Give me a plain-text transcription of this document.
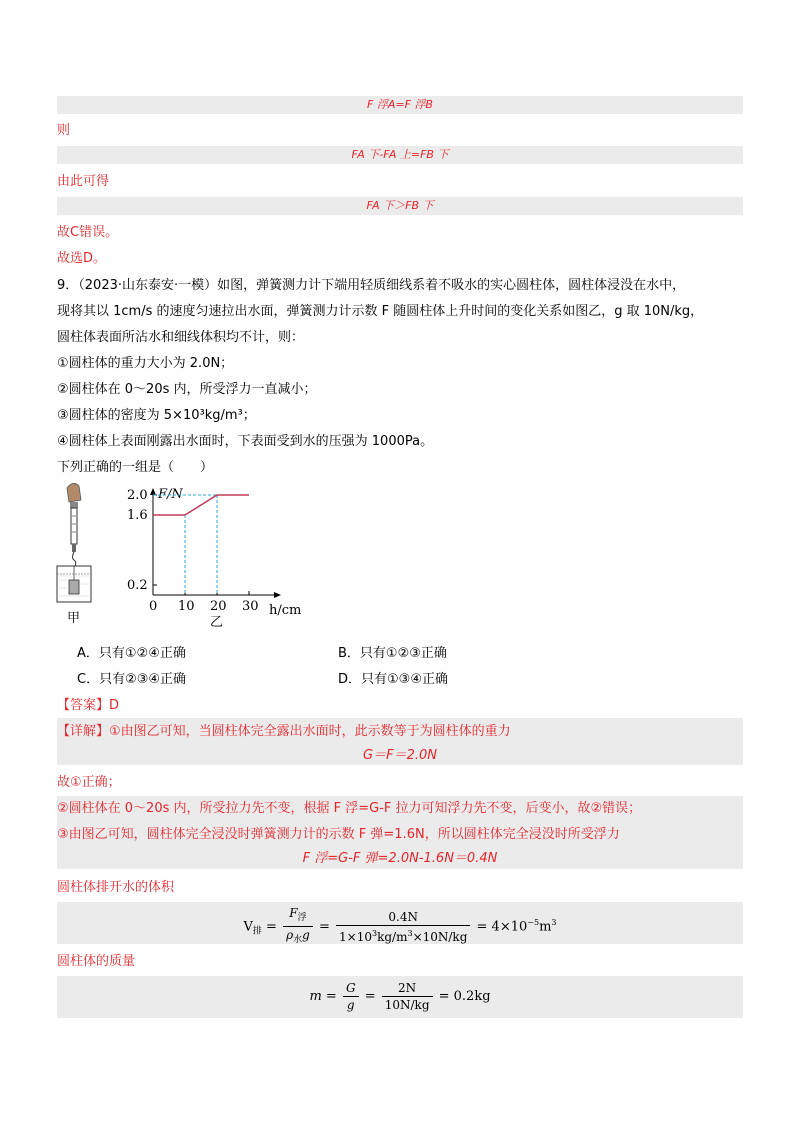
F 浮A=F 浮B
则
FA 下-FA 上=FB 下
由此可得
FA 下＞FB 下
故C错误。
故选D。
9．（2023·山东泰安·一模）如图，弹簧测力计下端用轻质细线系着不吸水的实心圆柱体，圆柱体浸没在水中，
现将其以 1cm/s 的速度匀速拉出水面，弹簧测力计示数 F 随圆柱体上升时间的变化关系如图乙，g 取 10N/kg，
圆柱体表面所沾水和细线体积均不计，则：
①圆柱体的重力大小为 2.0N；
②圆柱体在 0～20s 内，所受浮力一直减小；
③圆柱体的密度为 5×10³kg/m³；
④圆柱体上表面刚露出水面时，下表面受到水的压强为 1000Pa。
下列正确的一组是（　　）
甲
F/N
h/cm
2.0
1.6
0.2
0 10 20 30
乙
A．只有①②④正确	B．只有①②③正确
C．只有②③④正确	D．只有①③④正确
【答案】D
【详解】①由图乙可知，当圆柱体完全露出水面时，此示数等于为圆柱体的重力
G＝F＝2.0N
故①正确；
②圆柱体在 0～20s 内，所受拉力先不变，根据 F 浮=G-F 拉力可知浮力先不变，后变小，故②错误；
③由图乙可知，圆柱体完全浸没时弹簧测力计的示数 F 弹=1.6N，所以圆柱体完全浸没时所受浮力
F 浮=G-F 弹=2.0N-1.6N＝0.4N
圆柱体排开水的体积
$V_排 = \frac{F_浮}{\rho_水g} = \frac{0.4N}{1\times 10^3kg/m^3\times 10N/kg} = 4\times 10^{-5}m^3$
圆柱体的质量
$m = \frac{G}{g} = \frac{2N}{10N/kg} = 0.2kg$
